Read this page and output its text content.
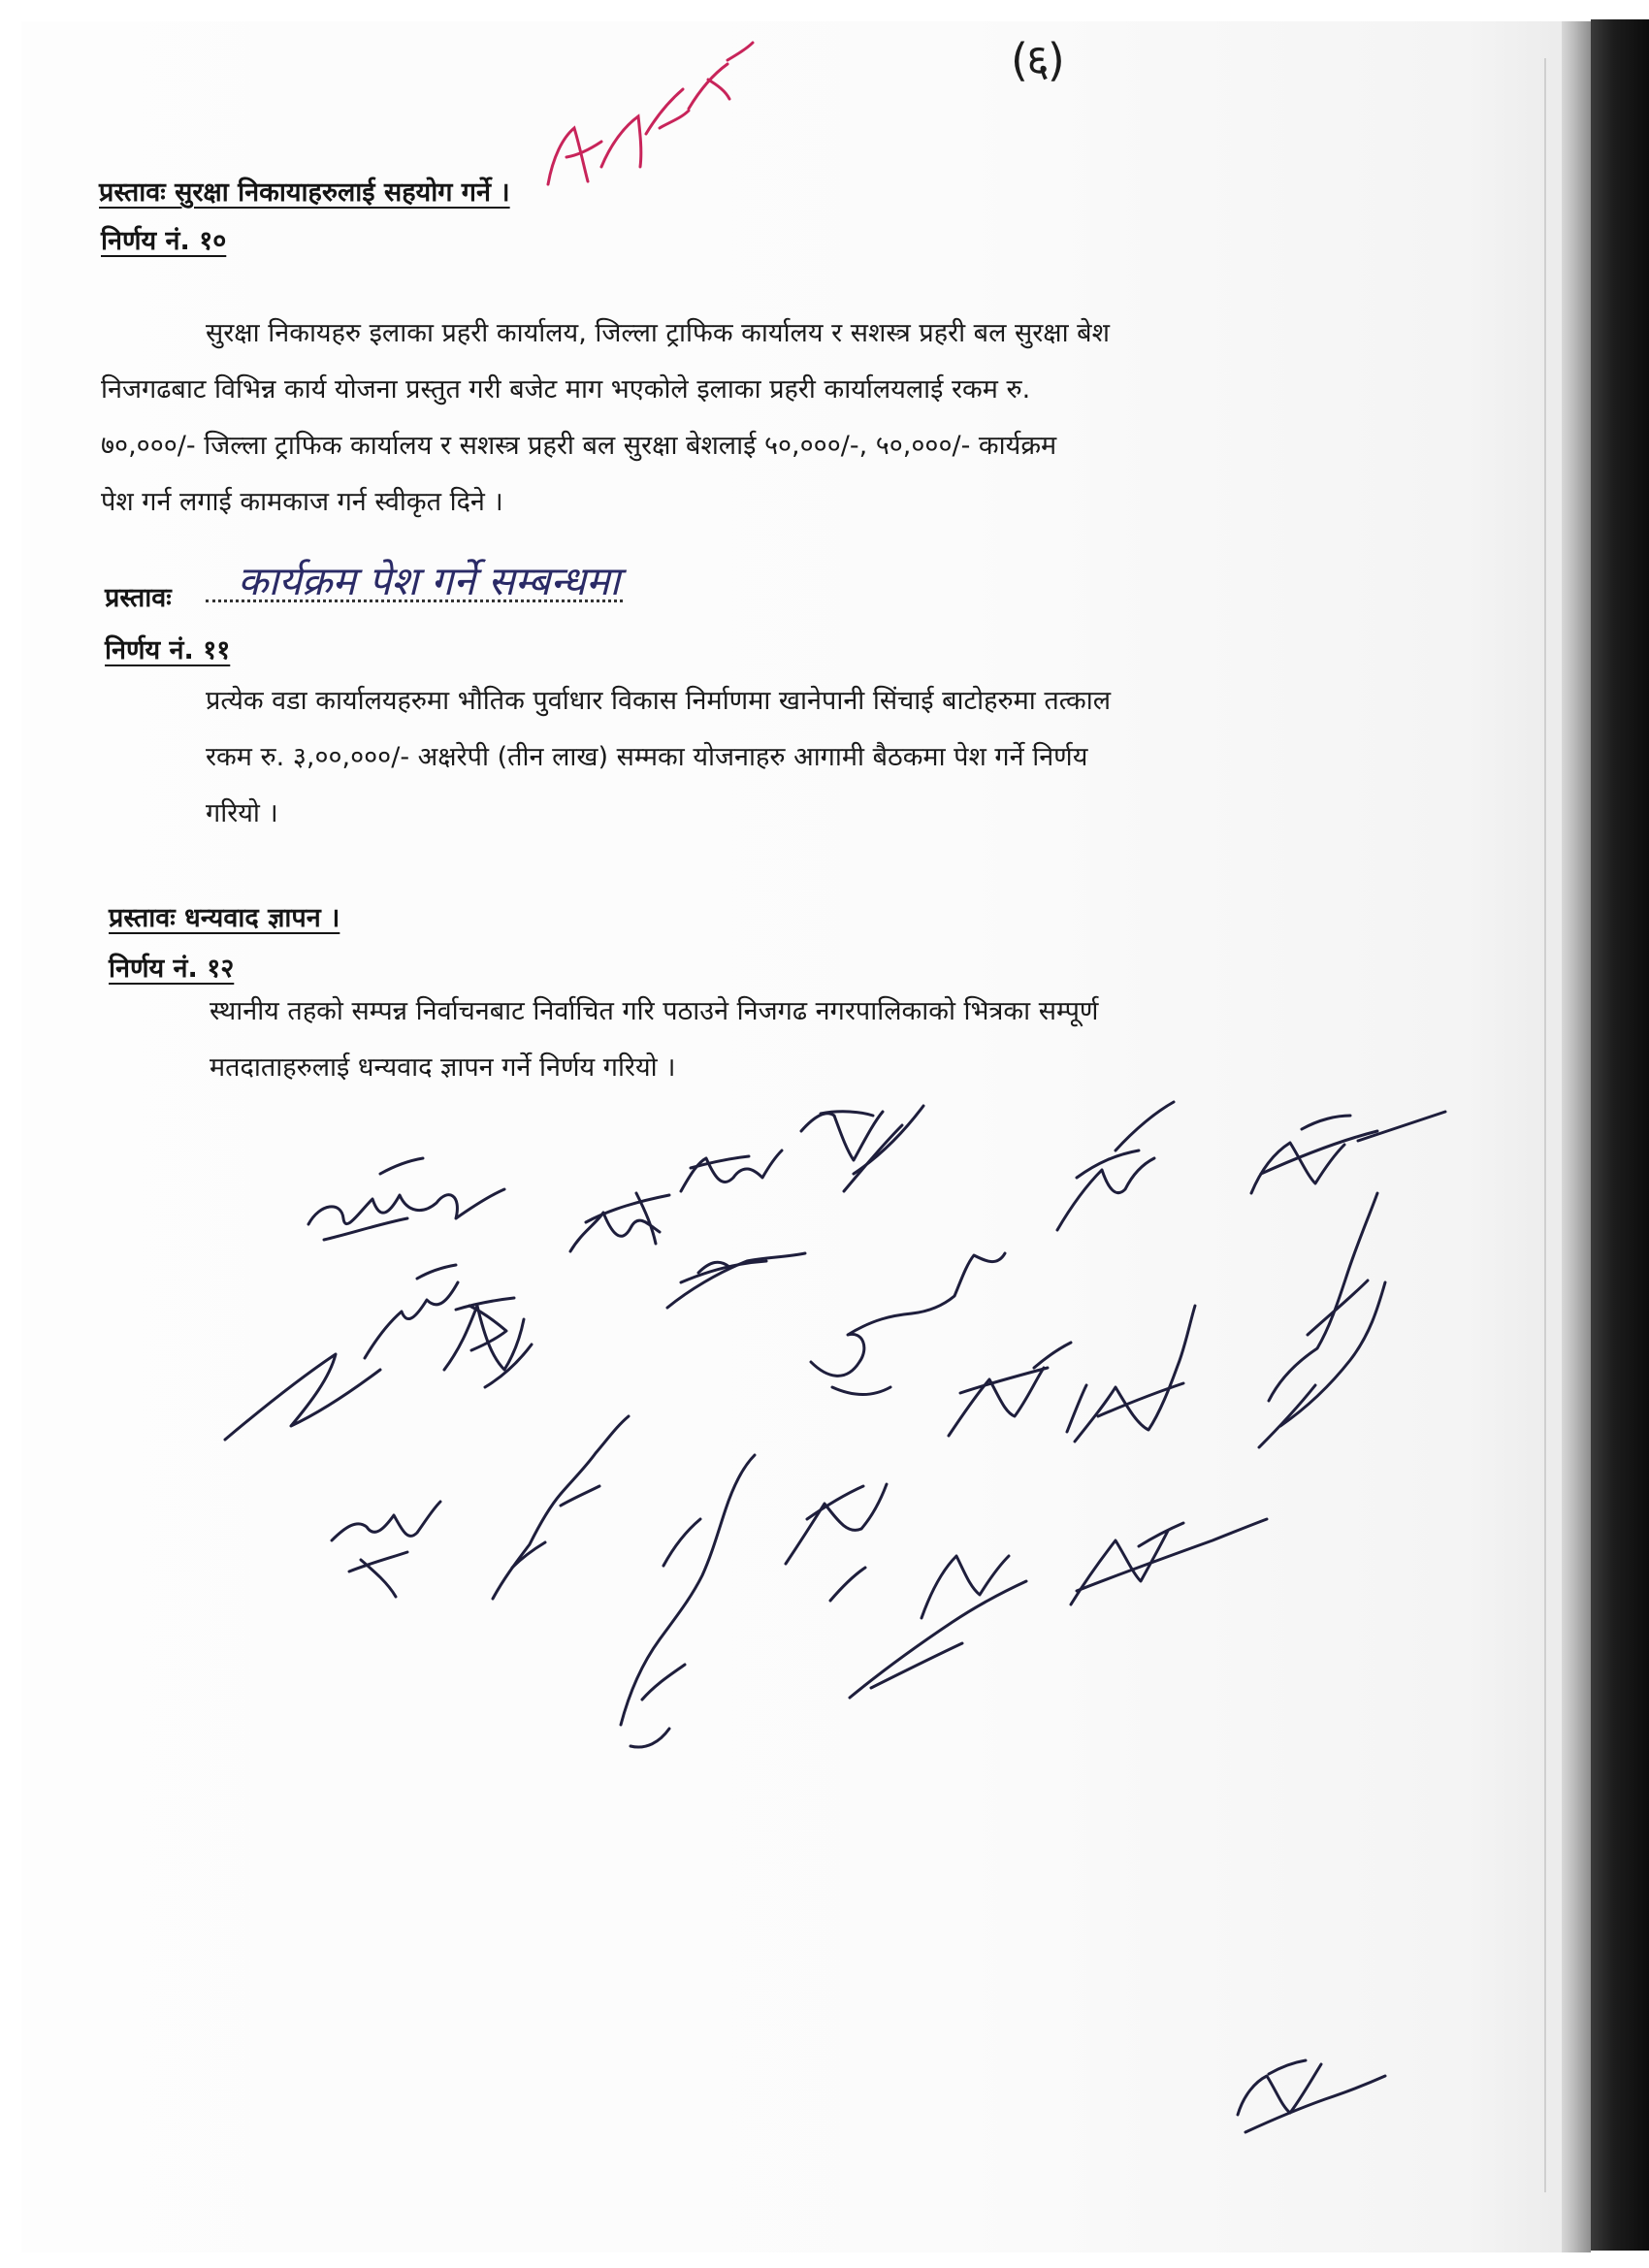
(६)
प्रस्तावः सुरक्षा निकायाहरुलाई सहयोग गर्ने ।
निर्णय नं. १०
सुरक्षा निकायहरु इलाका प्रहरी कार्यालय, जिल्ला ट्राफिक कार्यालय र सशस्त्र प्रहरी बल सुरक्षा बेश
निजगढबाट विभिन्न कार्य योजना प्रस्तुत गरी बजेट माग भएकोले इलाका प्रहरी कार्यालयलाई रकम रु.
७०,०००/- जिल्ला ट्राफिक कार्यालय र सशस्त्र प्रहरी बल सुरक्षा बेशलाई ५०,०००/-, ५०,०००/- कार्यक्रम
पेश गर्न लगाई कामकाज गर्न स्वीकृत दिने ।
प्रस्तावः कार्यक्रम पेश गर्ने सम्बन्धमा
निर्णय नं. ११
प्रत्येक वडा कार्यालयहरुमा भौतिक पुर्वाधार विकास निर्माणमा खानेपानी सिंचाई बाटोहरुमा तत्काल
रकम रु. ३,००,०००/- अक्षरेपी (तीन लाख) सम्मका योजनाहरु आगामी बैठकमा पेश गर्ने निर्णय
गरियो ।
प्रस्तावः धन्यवाद ज्ञापन ।
निर्णय नं. १२
स्थानीय तहको सम्पन्न निर्वाचनबाट निर्वाचित गरि पठाउने निजगढ नगरपालिकाको भित्रका सम्पूर्ण
मतदाताहरुलाई धन्यवाद ज्ञापन गर्ने निर्णय गरियो ।
